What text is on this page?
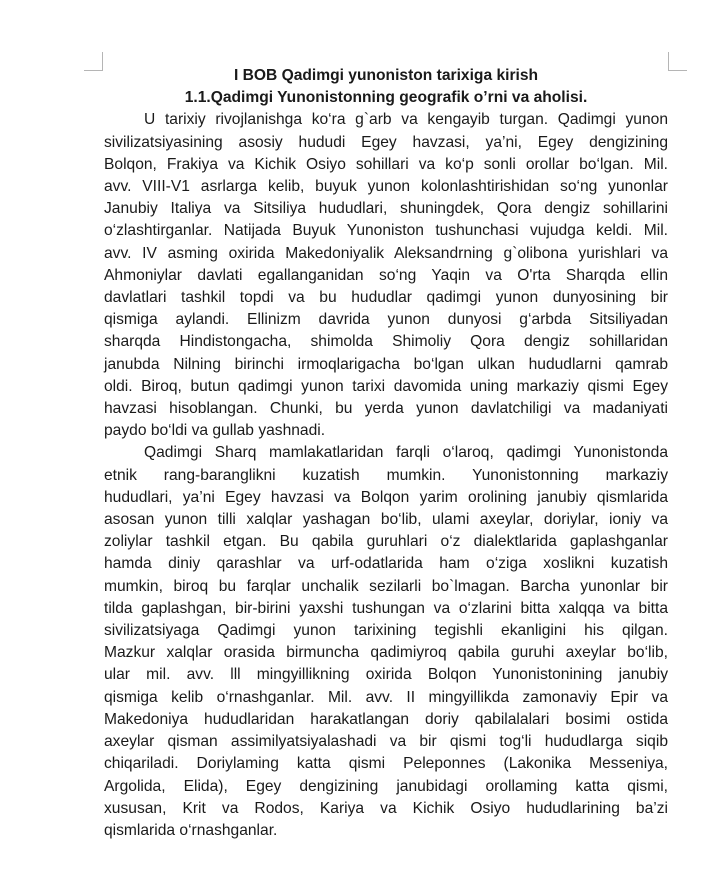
I BOB Qadimgi yunoniston tarixiga kirish
1.1.Qadimgi Yunonistonning geografik o’rni va aholisi.
U tarixiy rivojlanishga ko‘ra g`arb va kengayib turgan. Qadimgi yunon
sivilizatsiyasining asosiy hududi Egey havzasi, ya’ni, Egey dengizining
Bolqon, Frakiya va Kichik Osiyo sohillari va ko‘p sonli orollar bo‘lgan. Mil.
avv. VIII-V1 asrlarga kelib, buyuk yunon kolonlashtirishidan so‘ng yunonlar
Janubiy Italiya va Sitsiliya hududlari, shuningdek, Qora dengiz sohillarini
o‘zlashtirganlar. Natijada Buyuk Yunoniston tushunchasi vujudga keldi. Mil.
avv. IV asming oxirida Makedoniyalik Aleksandrning g`olibona yurishlari va
Ahmoniylar davlati egallanganidan so‘ng Yaqin va O'rta Sharqda ellin
davlatlari tashkil topdi va bu hududlar qadimgi yunon dunyosining bir
qismiga aylandi. Ellinizm davrida yunon dunyosi g‘arbda Sitsiliyadan
sharqda Hindistongacha, shimolda Shimoliy Qora dengiz sohillaridan
janubda Nilning birinchi irmoqlarigacha bo‘lgan ulkan hududlarni qamrab
oldi. Biroq, butun qadimgi yunon tarixi davomida uning markaziy qismi Egey
havzasi hisoblangan. Chunki, bu yerda yunon davlatchiligi va madaniyati
paydo bo‘ldi va gullab yashnadi.
Qadimgi Sharq mamlakatlaridan farqli o‘laroq, qadimgi Yunonistonda
etnik rang-baranglikni kuzatish mumkin. Yunonistonning markaziy
hududlari, ya’ni Egey havzasi va Bolqon yarim orolining janubiy qismlarida
asosan yunon tilli xalqlar yashagan bo‘lib, ulami axeylar, doriylar, ioniy va
zoliylar tashkil etgan. Bu qabila guruhlari o‘z dialektlarida gaplashganlar
hamda diniy qarashlar va urf-odatlarida ham o‘ziga xoslikni kuzatish
mumkin, biroq bu farqlar unchalik sezilarli bo`lmagan. Barcha yunonlar bir
tilda gaplashgan, bir-birini yaxshi tushungan va o‘zlarini bitta xalqqa va bitta
sivilizatsiyaga Qadimgi yunon tarixining tegishli ekanligini his qilgan.
Mazkur xalqlar orasida birmuncha qadimiyroq qabila guruhi axeylar bo‘lib,
ular mil. avv. lll mingyillikning oxirida Bolqon Yunonistonining janubiy
qismiga kelib o‘rnashganlar. Mil. avv. II mingyillikda zamonaviy Epir va
Makedoniya hududlaridan harakatlangan doriy qabilalalari bosimi ostida
axeylar qisman assimilyatsiyalashadi va bir qismi tog‘li hududlarga siqib
chiqariladi. Doriylaming katta qismi Peleponnes (Lakonika Messeniya,
Argolida, Elida), Egey dengizining janubidagi orollaming katta qismi,
xususan, Krit va Rodos, Kariya va Kichik Osiyo hududlarining ba’zi
qismlarida o‘rnashganlar.
